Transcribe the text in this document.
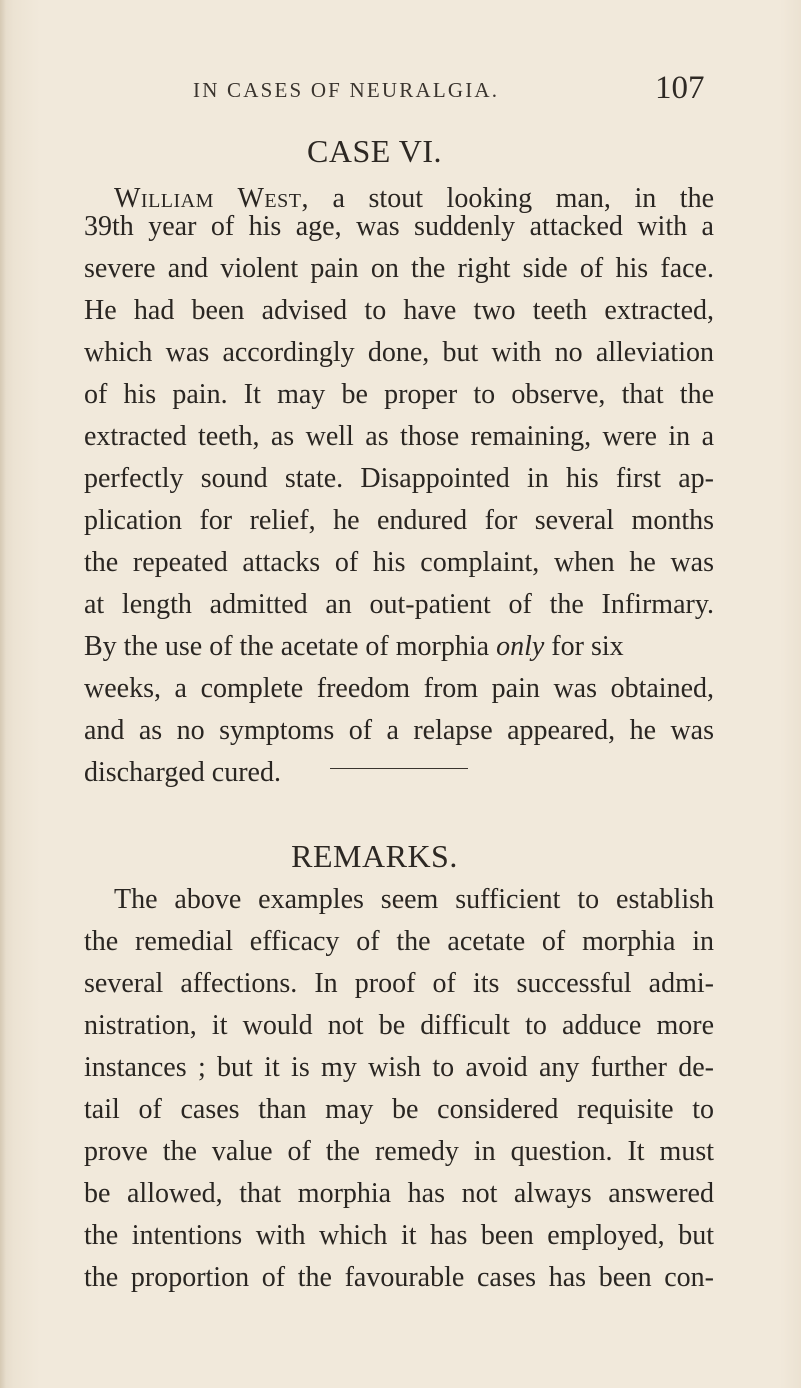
IN CASES OF NEURALGIA.	107
CASE VI.
William West, a stout looking man, in the
39th year of his age, was suddenly attacked with a
severe and violent pain on the right side of his face.
He had been advised to have two teeth extracted,
which was accordingly done, but with no alleviation
of his pain. It may be proper to observe, that the
extracted teeth, as well as those remaining, were in a
perfectly sound state. Disappointed in his first ap-
plication for relief, he endured for several months
the repeated attacks of his complaint, when he was
at length admitted an out-patient of the Infirmary.
By the use of the acetate of morphia only for six
weeks, a complete freedom from pain was obtained,
and as no symptoms of a relapse appeared, he was
discharged cured.
REMARKS.
The above examples seem sufficient to establish
the remedial efficacy of the acetate of morphia in
several affections. In proof of its successful admi-
nistration, it would not be difficult to adduce more
instances ; but it is my wish to avoid any further de-
tail of cases than may be considered requisite to
prove the value of the remedy in question. It must
be allowed, that morphia has not always answered
the intentions with which it has been employed, but
the proportion of the favourable cases has been con-
